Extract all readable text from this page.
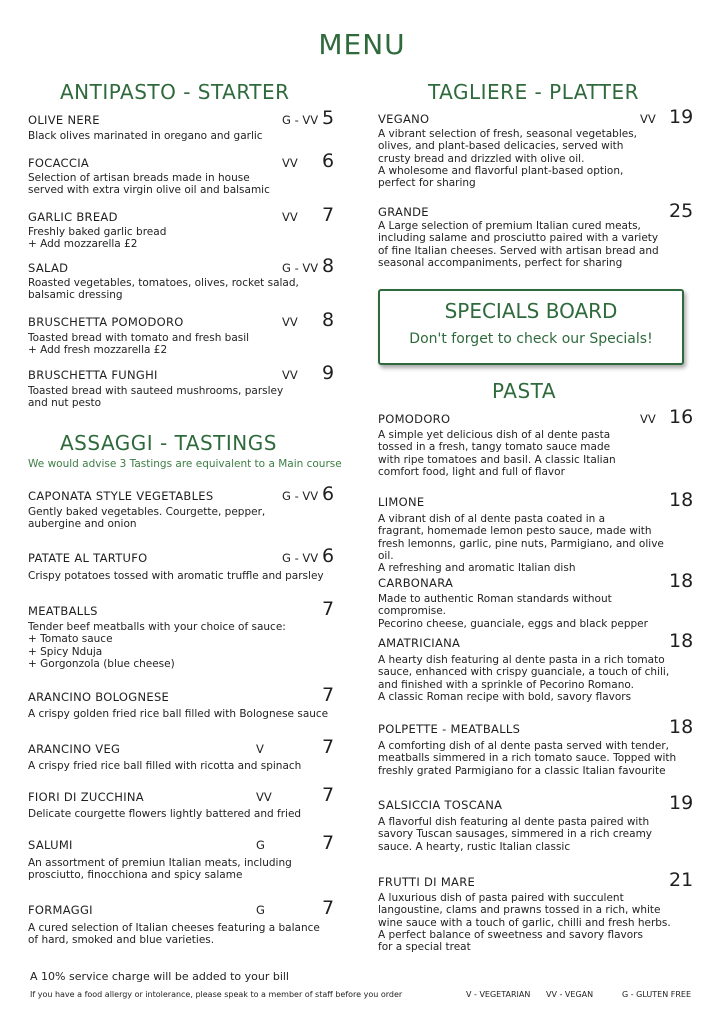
MENU
ANTIPASTO - STARTER
OLIVE NERE	G - VV 5
Black olives marinated in oregano and garlic
FOCACCIA	VV 6
Selection of artisan breads made in house
served with extra virgin olive oil and balsamic
GARLIC BREAD	VV 7
Freshly baked garlic bread
+ Add mozzarella £2
SALAD	G - VV 8
Roasted vegetables, tomatoes, olives, rocket salad,
balsamic dressing
BRUSCHETTA POMODORO	VV 8
Toasted bread with tomato and fresh basil
+ Add fresh mozzarella £2
BRUSCHETTA FUNGHI	VV 9
Toasted bread with sauteed mushrooms, parsley
and nut pesto
ASSAGGI - TASTINGS
We would advise 3 Tastings are equivalent to a Main course
CAPONATA STYLE VEGETABLES	G - VV 6
Gently baked vegetables. Courgette, pepper,
aubergine and onion
PATATE AL TARTUFO	G - VV 6
Crispy potatoes tossed with aromatic truffle and parsley
MEATBALLS	7
Tender beef meatballs with your choice of sauce:
+ Tomato sauce
+ Spicy Nduja
+ Gorgonzola (blue cheese)
ARANCINO BOLOGNESE	7
A crispy golden fried rice ball filled with Bolognese sauce
ARANCINO VEG	V	7
A crispy fried rice ball filled with ricotta and spinach
FIORI DI ZUCCHINA	VV	7
Delicate courgette flowers lightly battered and fried
SALUMI	G	7
An assortment of premiun Italian meats, including
prosciutto, finocchiona and spicy salame
FORMAGGI	G	7
A cured selection of Italian cheeses featuring a balance
of hard, smoked and blue varieties.
TAGLIERE - PLATTER
VEGANO	VV 19
A vibrant selection of fresh, seasonal vegetables,
olives, and plant-based delicacies, served with
crusty bread and drizzled with olive oil.
A wholesome and flavorful plant-based option,
perfect for sharing
GRANDE	25
A Large selection of premium Italian cured meats,
including salame and prosciutto paired with a variety
of fine Italian cheeses. Served with artisan bread and
seasonal accompaniments, perfect for sharing
SPECIALS BOARD
Don't forget to check our Specials!
PASTA
POMODORO	VV 16
A simple yet delicious dish of al dente pasta
tossed in a fresh, tangy tomato sauce made
with ripe tomatoes and basil. A classic Italian
comfort food, light and full of flavor
LIMONE	18
A vibrant dish of al dente pasta coated in a
fragrant, homemade lemon pesto sauce, made with
fresh lemonns, garlic, pine nuts, Parmigiano, and olive oil.
A refreshing and aromatic Italian dish
CARBONARA	18
Made to authentic Roman standards without compromise.
Pecorino cheese, guanciale, eggs and black pepper
AMATRICIANA	18
A hearty dish featuring al dente pasta in a rich tomato
sauce, enhanced with crispy guanciale, a touch of chili,
and finished with a sprinkle of Pecorino Romano.
A classic Roman recipe with bold, savory flavors
POLPETTE - MEATBALLS	18
A comforting dish of al dente pasta served with tender,
meatballs simmered in a rich tomato sauce. Topped with
freshly grated Parmigiano for a classic Italian favourite
SALSICCIA TOSCANA	19
A flavorful dish featuring al dente pasta paired with
savory Tuscan sausages, simmered in a rich creamy
sauce. A hearty, rustic Italian classic
FRUTTI DI MARE	21
A luxurious dish of pasta paired with succulent
langoustine, clams and prawns tossed in a rich, white
wine sauce with a touch of garlic, chilli and fresh herbs.
A perfect balance of sweetness and savory flavors
for a special treat
A 10% service charge will be added to your bill
If you have a food allergy or intolerance, please speak to a member of staff before you order	V - VEGETARIAN VV - VEGAN	G - GLUTEN FREE
